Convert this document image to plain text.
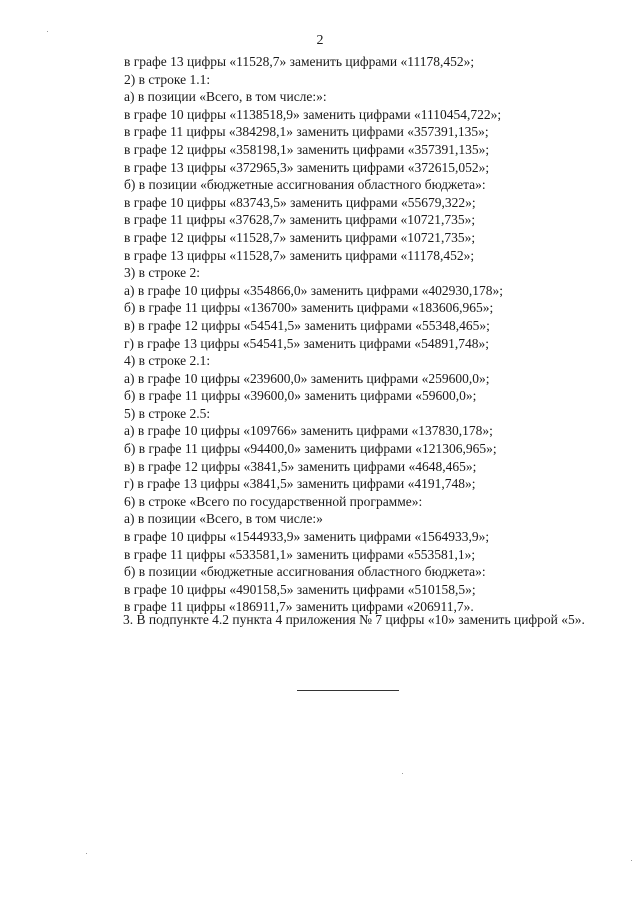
2
в графе 13 цифры «11528,7» заменить цифрами «11178,452»;
2) в строке 1.1:
а) в позиции «Всего, в том числе:»:
в графе 10 цифры «1138518,9» заменить цифрами «1110454,722»;
в графе 11 цифры «384298,1» заменить цифрами «357391,135»;
в графе 12 цифры «358198,1» заменить цифрами «357391,135»;
в графе 13 цифры «372965,3» заменить цифрами «372615,052»;
б) в позиции «бюджетные ассигнования областного бюджета»:
в графе 10 цифры «83743,5» заменить цифрами «55679,322»;
в графе 11 цифры «37628,7» заменить цифрами «10721,735»;
в графе 12 цифры «11528,7» заменить цифрами «10721,735»;
в графе 13 цифры «11528,7» заменить цифрами «11178,452»;
3) в строке 2:
а) в графе 10 цифры «354866,0» заменить цифрами «402930,178»;
б) в графе 11 цифры «136700» заменить цифрами «183606,965»;
в) в графе 12 цифры «54541,5» заменить цифрами «55348,465»;
г) в графе 13 цифры «54541,5» заменить цифрами «54891,748»;
4) в строке 2.1:
а) в графе 10 цифры «239600,0» заменить цифрами «259600,0»;
б) в графе 11 цифры «39600,0» заменить цифрами «59600,0»;
5) в строке 2.5:
а) в графе 10 цифры «109766» заменить цифрами «137830,178»;
б) в графе 11 цифры «94400,0» заменить цифрами «121306,965»;
в) в графе 12 цифры «3841,5» заменить цифрами «4648,465»;
г) в графе 13 цифры «3841,5» заменить цифрами «4191,748»;
6) в строке «Всего по государственной программе»:
а) в позиции «Всего, в том числе:»
в графе 10 цифры «1544933,9» заменить цифрами «1564933,9»;
в графе 11 цифры «533581,1» заменить цифрами «553581,1»;
б) в позиции «бюджетные ассигнования областного бюджета»:
в графе 10 цифры «490158,5» заменить цифрами «510158,5»;
в графе 11 цифры «186911,7» заменить цифрами «206911,7».
3. В подпункте 4.2 пункта 4 приложения № 7 цифры «10» заменить цифрой «5».
